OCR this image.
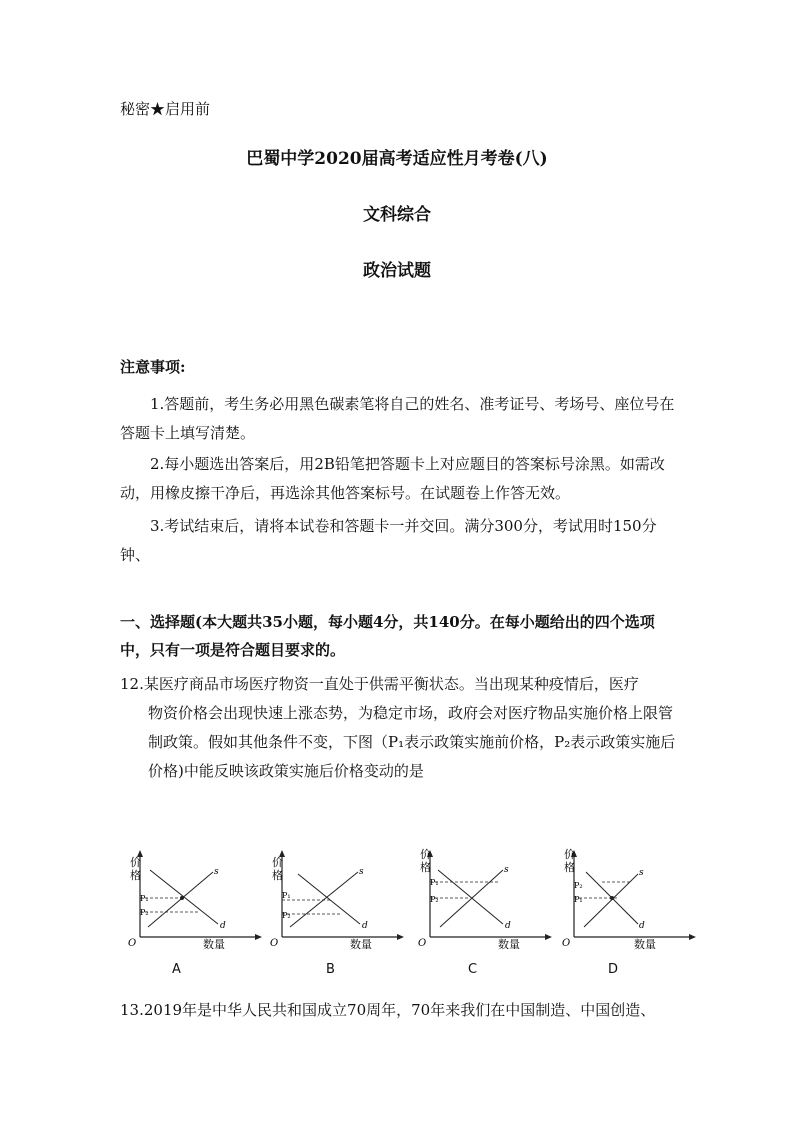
秘密★启用前
巴蜀中学2020届高考适应性月考卷(八)
文科综合
政治试题
注意事项:
1.答题前，考生务必用黑色碳素笔将自己的姓名、准考证号、考场号、座位号在答题卡上填写清楚。
2.每小题选出答案后，用2B铅笔把答题卡上对应题目的答案标号涂黑。如需改动，用橡皮擦干净后，再选涂其他答案标号。在试题卷上作答无效。
3.考试结束后，请将本试卷和答题卡一并交回。满分300分，考试用时150分钟、
一、选择题(本大题共35小题，每小题4分，共140分。在每小题给出的四个选项中，只有一项是符合题目要求的。
12.某医疗商品市场医疗物资一直处于供需平衡状态。当出现某种疫情后，医疗
物资价格会出现快速上涨态势，为稳定市场，政府会对医疗物品实施价格上限管制政策。假如其他条件不变，下图（P₁表示政策实施前价格，P₂表示政策实施后价格)中能反映该政策实施后价格变动的是
价
格
O	数量
s
d
P₁
P₂
A
价
格
O	数量
s
d
P₁
P₂
B
价
格
O	数量
s
d
P₁
P₂
C
价
格
O	数量
s
d
P₂
P₁
D
13.2019年是中华人民共和国成立70周年，70年来我们在中国制造、中国创造、
